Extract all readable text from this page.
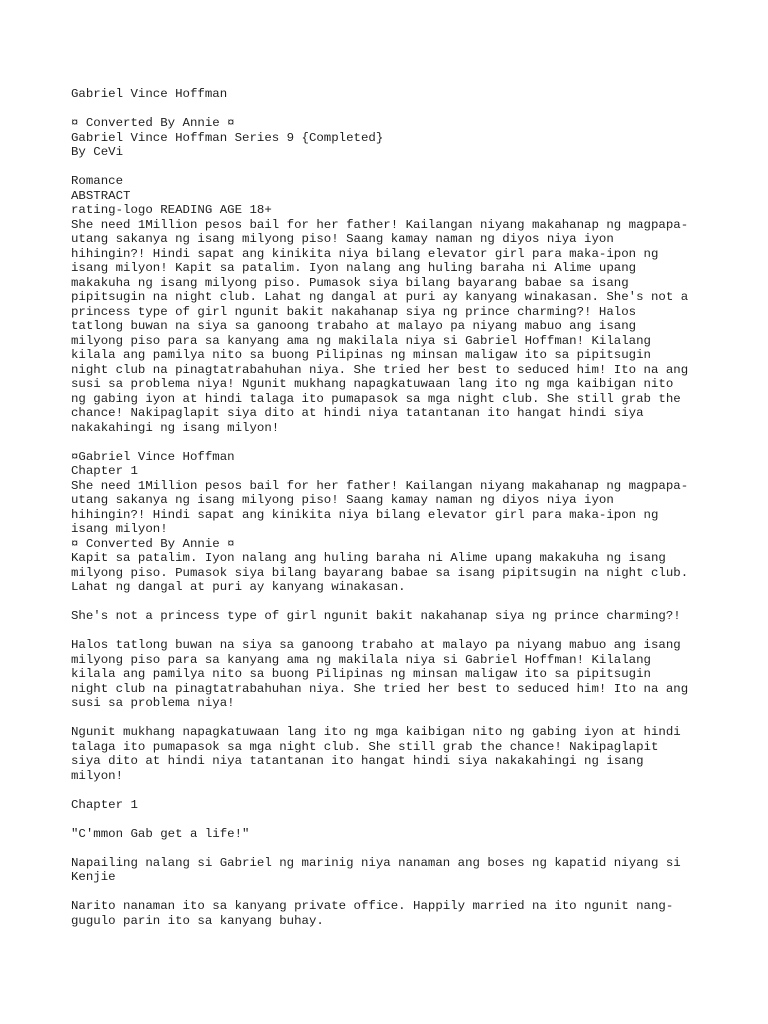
Gabriel Vince Hoffman

¤ Converted By Annie ¤

Gabriel Vince Hoffman Series 9 {Completed}

By CeVi

Romance

ABSTRACT

rating-logo READING AGE 18+

She need 1Million pesos bail for her father! Kailangan niyang makahanap ng magpapa-

utang sakanya ng isang milyong piso! Saang kamay naman ng diyos niya iyon

hihingin?! Hindi sapat ang kinikita niya bilang elevator girl para maka-ipon ng

isang milyon! Kapit sa patalim. Iyon nalang ang huling baraha ni Alime upang

makakuha ng isang milyong piso. Pumasok siya bilang bayarang babae sa isang

pipitsugin na night club. Lahat ng dangal at puri ay kanyang winakasan. She's not a

princess type of girl ngunit bakit nakahanap siya ng prince charming?! Halos

tatlong buwan na siya sa ganoong trabaho at malayo pa niyang mabuo ang isang

milyong piso para sa kanyang ama ng makilala niya si Gabriel Hoffman! Kilalang

kilala ang pamilya nito sa buong Pilipinas ng minsan maligaw ito sa pipitsugin

night club na pinagtatrabahuhan niya. She tried her best to seduced him! Ito na ang

susi sa problema niya! Ngunit mukhang napagkatuwaan lang ito ng mga kaibigan nito

ng gabing iyon at hindi talaga ito pumapasok sa mga night club. She still grab the

chance! Nakipaglapit siya dito at hindi niya tatantanan ito hangat hindi siya

nakakahingi ng isang milyon!

¤Gabriel Vince Hoffman

Chapter 1

She need 1Million pesos bail for her father! Kailangan niyang makahanap ng magpapa-

utang sakanya ng isang milyong piso! Saang kamay naman ng diyos niya iyon

hihingin?! Hindi sapat ang kinikita niya bilang elevator girl para maka-ipon ng

isang milyon!

¤ Converted By Annie ¤

Kapit sa patalim. Iyon nalang ang huling baraha ni Alime upang makakuha ng isang

milyong piso. Pumasok siya bilang bayarang babae sa isang pipitsugin na night club.

Lahat ng dangal at puri ay kanyang winakasan.

She's not a princess type of girl ngunit bakit nakahanap siya ng prince charming?!

Halos tatlong buwan na siya sa ganoong trabaho at malayo pa niyang mabuo ang isang

milyong piso para sa kanyang ama ng makilala niya si Gabriel Hoffman! Kilalang

kilala ang pamilya nito sa buong Pilipinas ng minsan maligaw ito sa pipitsugin

night club na pinagtatrabahuhan niya. She tried her best to seduced him! Ito na ang

susi sa problema niya!

Ngunit mukhang napagkatuwaan lang ito ng mga kaibigan nito ng gabing iyon at hindi

talaga ito pumapasok sa mga night club. She still grab the chance! Nakipaglapit

siya dito at hindi niya tatantanan ito hangat hindi siya nakakahingi ng isang

milyon!

Chapter 1

"C'mmon Gab get a life!"

Napailing nalang si Gabriel ng marinig niya nanaman ang boses ng kapatid niyang si

Kenjie

Narito nanaman ito sa kanyang private office. Happily married na ito ngunit nang-

gugulo parin ito sa kanyang buhay.
